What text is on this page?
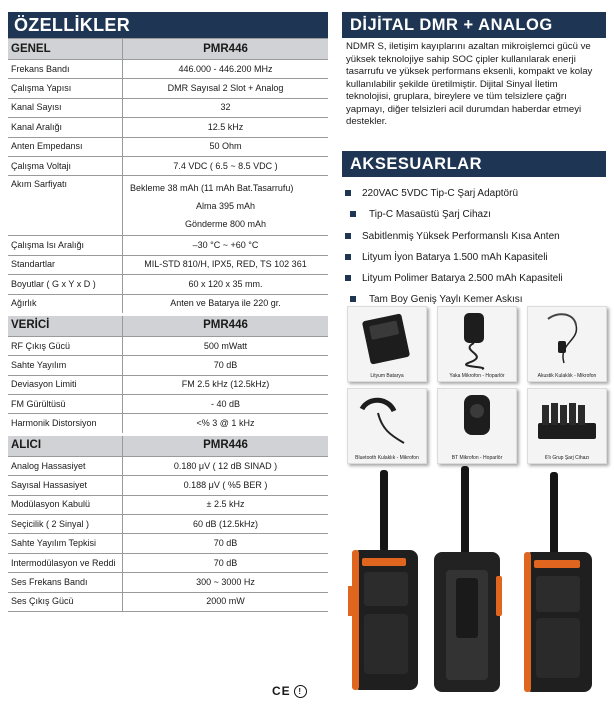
ÖZELLİKLER
GENEL	PMR446
Frekans Bandı	446.000 - 446.200 MHz
Çalışma Yapısı	DMR Sayısal 2 Slot + Analog
Kanal Sayısı	32
Kanal Aralığı	12.5 kHz
Anten Empedansı	50 Ohm
Çalışma Voltajı	7.4 VDC ( 6.5 ~ 8.5 VDC )
Akım Sarfiyatı	Bekleme 38 mAh (11 mAh Bat.Tasarrufu)
Alma 395 mAh
Gönderme 800 mAh

Çalışma Isı Aralığı	–30 °C ~ +60 °C
Standartlar	MIL-STD 810/H, IPX5, RED, TS 102 361
Boyutlar ( G x Y x D )	60 x 120 x 35 mm.
Ağırlık	Anten ve Batarya ile 220 gr.
VERİCİ	PMR446
RF Çıkış Gücü	500 mWatt
Sahte Yayılım	70 dB
Deviasyon Limiti	FM 2.5 kHz (12.5kHz)
FM Gürültüsü	- 40 dB
Harmonik Distorsiyon	<% 3 @ 1 kHz
ALICI	PMR446
Analog Hassasiyet	0.180 μV ( 12 dB SINAD )
Sayısal Hassasiyet	0.188 μV ( %5 BER )
Modülasyon Kabulü	± 2.5 kHz
Seçicilik ( 2 Sinyal )	60 dB (12.5kHz)
Sahte Yayılım Tepkisi	70 dB
Intermodülasyon ve Reddi	70 dB
Ses Frekans Bandı	300 ~ 3000 Hz
Ses Çıkış Gücü	2000 mW
CE !
DİJİTAL DMR + ANALOG
NDMR S, iletişim kayıplarını azaltan mikroişlemci gücü ve yüksek teknolojiye sahip SOC çipler kullanılarak enerji tasarrufu ve yüksek performans eksenli, kompakt ve kolay kullanılabilir şekilde üretilmiştir. Dijital Sinyal İletim teknolojisi, gruplara, bireylere ve tüm telsizlere çağrı yapmayı, diğer telsizleri acil durumdan haberdar etmeyi destekler.
AKSESUARLAR
220VAC 5VDC Tip-C Şarj Adaptörü
Tip-C Masaüstü Şarj Cihazı
Sabitlenmiş Yüksek Performanslı Kısa Anten
Lityum İyon Batarya 1.500 mAh Kapasiteli
Lityum Polimer Batarya 2.500 mAh Kapasiteli
Tam Boy Geniş Yaylı Kemer Askısı
Lityum Batarya	Yaka Mikrofon - Hoparlör	Akustik Kulaklık - Mikrofon
Bluetooth Kulaklık - Mikrofon	BT Mikrofon - Hoparlör	6'lı Grup Şarj Cihazı
